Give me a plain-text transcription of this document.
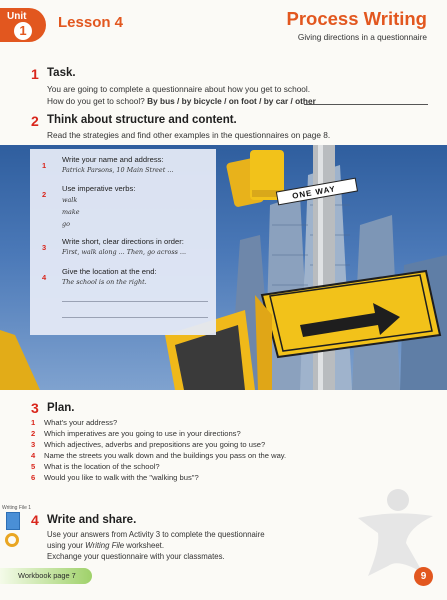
Unit
1	Lesson 4	Process Writing
Giving directions in a questionnaire
1 Task.
You are going to complete a questionnaire about how you get to school.
How do you get to school? By bus / by bicycle / on foot / by car / other
2 Think about structure and content.
Read the strategies and find other examples in the questionnaires on page 8.
ONE WAY
1
Write your name and address:
Patrick Parsons, 10 Main Street ...
2
Use imperative verbs:
walk
make
go
3
Write short, clear directions in order:
First, walk along ... Then, go across ...
4
Give the location at the end:
The school is on the right.
3 Plan.
1 What's your address?
2 Which imperatives are you going to use in your directions?
3 Which adjectives, adverbs and prepositions are you going to use?
4 Name the streets you walk down and the buildings you pass on the way.
5 What is the location of the school?
6 Would you like to walk with the "walking bus"?
Writing File 1
4 Write and share.
Use your answers from Activity 3 to complete the questionnaire
using your Writing File worksheet.
Exchange your questionnaire with your classmates.
Workbook page 7	9
